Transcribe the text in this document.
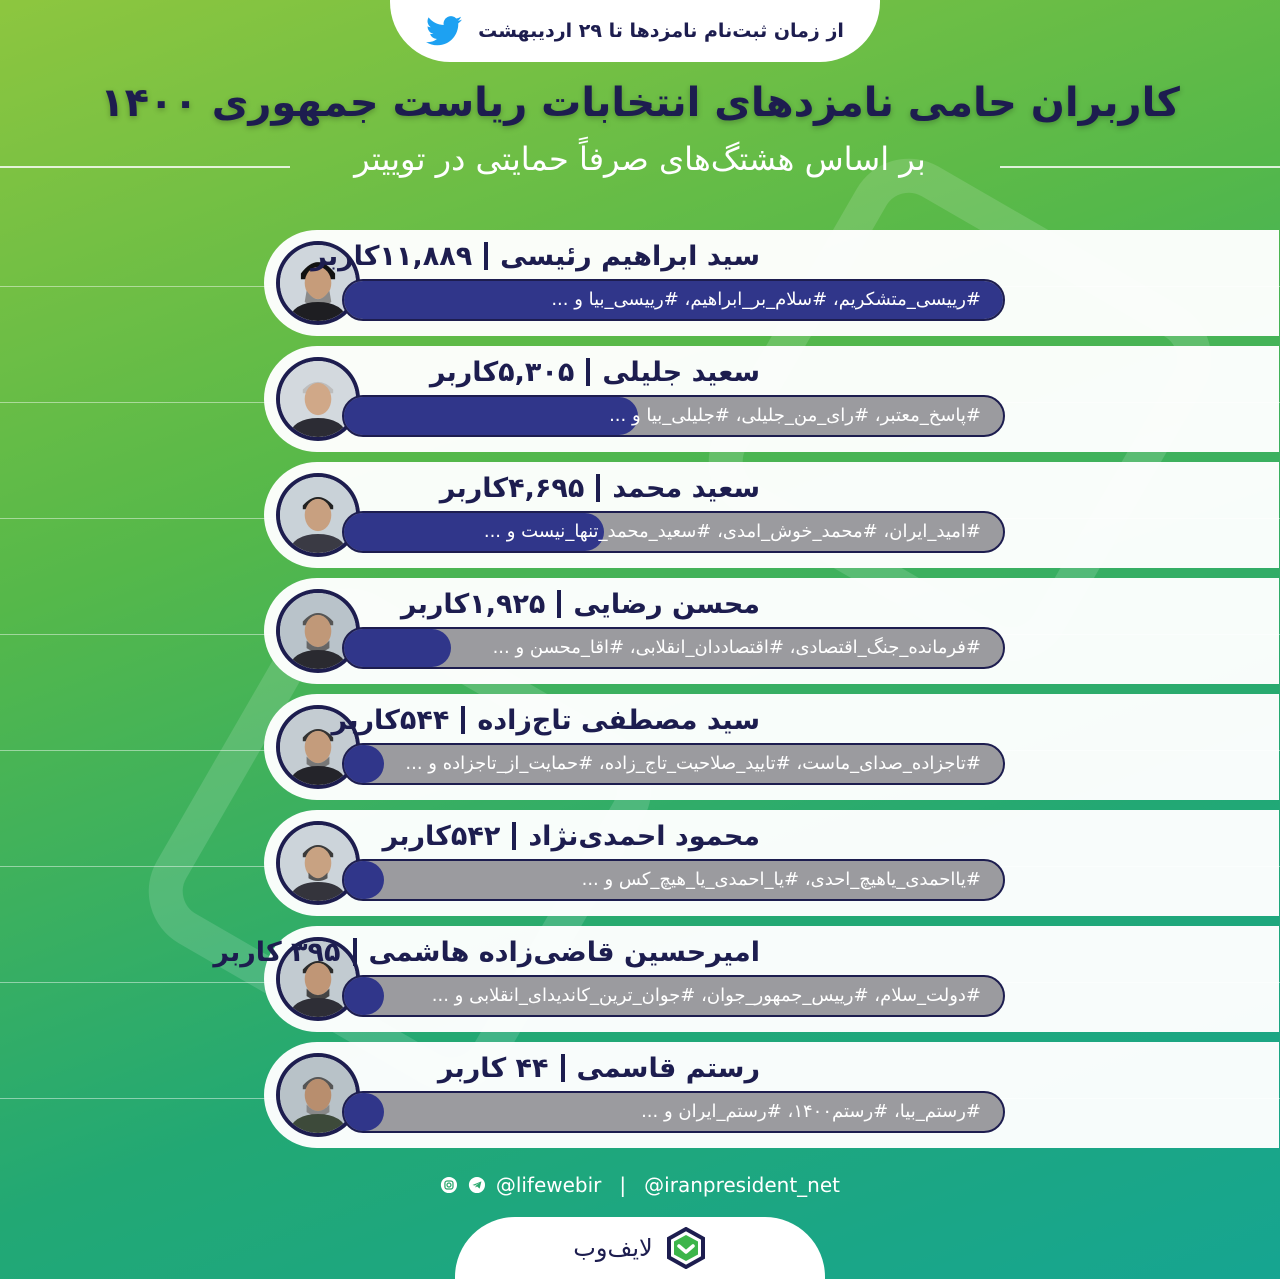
از زمان ثبت‌نام نامزدها تا ۲۹ اردیبهشت
کاربران حامی نامزدهای انتخابات ریاست جمهوری ۱۴۰۰
بر اساس هشتگ‌های صرفاً حمایتی در توییتر
سید ابراهیم رئیسی
۱۱,۸۸۹کاربر
#رییسی_متشکریم، #سلام_بر_ابراهیم، #رییسی_بیا و ...
سعید جلیلی
۵,۳۰۵کاربر
#پاسخ_معتبر، #رای_من_جلیلی، #جلیلی_بیا و ...
سعید محمد
۴,۶۹۵کاربر
#امید_ایران، #محمد_خوش_امدی، #سعید_محمد_تنها_نیست و ...
محسن رضایی
۱,۹۲۵کاربر
#فرمانده_جنگ_اقتصادی، #اقتصاددان_انقلابی، #اقا_محسن و ...
سید مصطفی تاج‌زاده
۵۴۴کاربر
#تاجزاده_صدای_ماست، #تایید_صلاحیت_تاج_زاده، #حمایت_از_تاجزاده و ...
محمود احمدی‌نژاد
۵۴۲کاربر
#یااحمدی_یاهیچ_احدی، #یا_احمدی_یا_هیچ_کس و ...
امیرحسین قاضی‌زاده هاشمی
۳۹۵ کاربر
#دولت_سلام، #رییس_جمهور_جوان، #جوان_ترین_کاندیدای_انقلابی و ...
رستم قاسمی
۴۴ کاربر
#رستم_بیا، #رستم۱۴۰۰، #رستم_ایران و ...
@lifewebir | @iranpresident_net
لایف‌وب
